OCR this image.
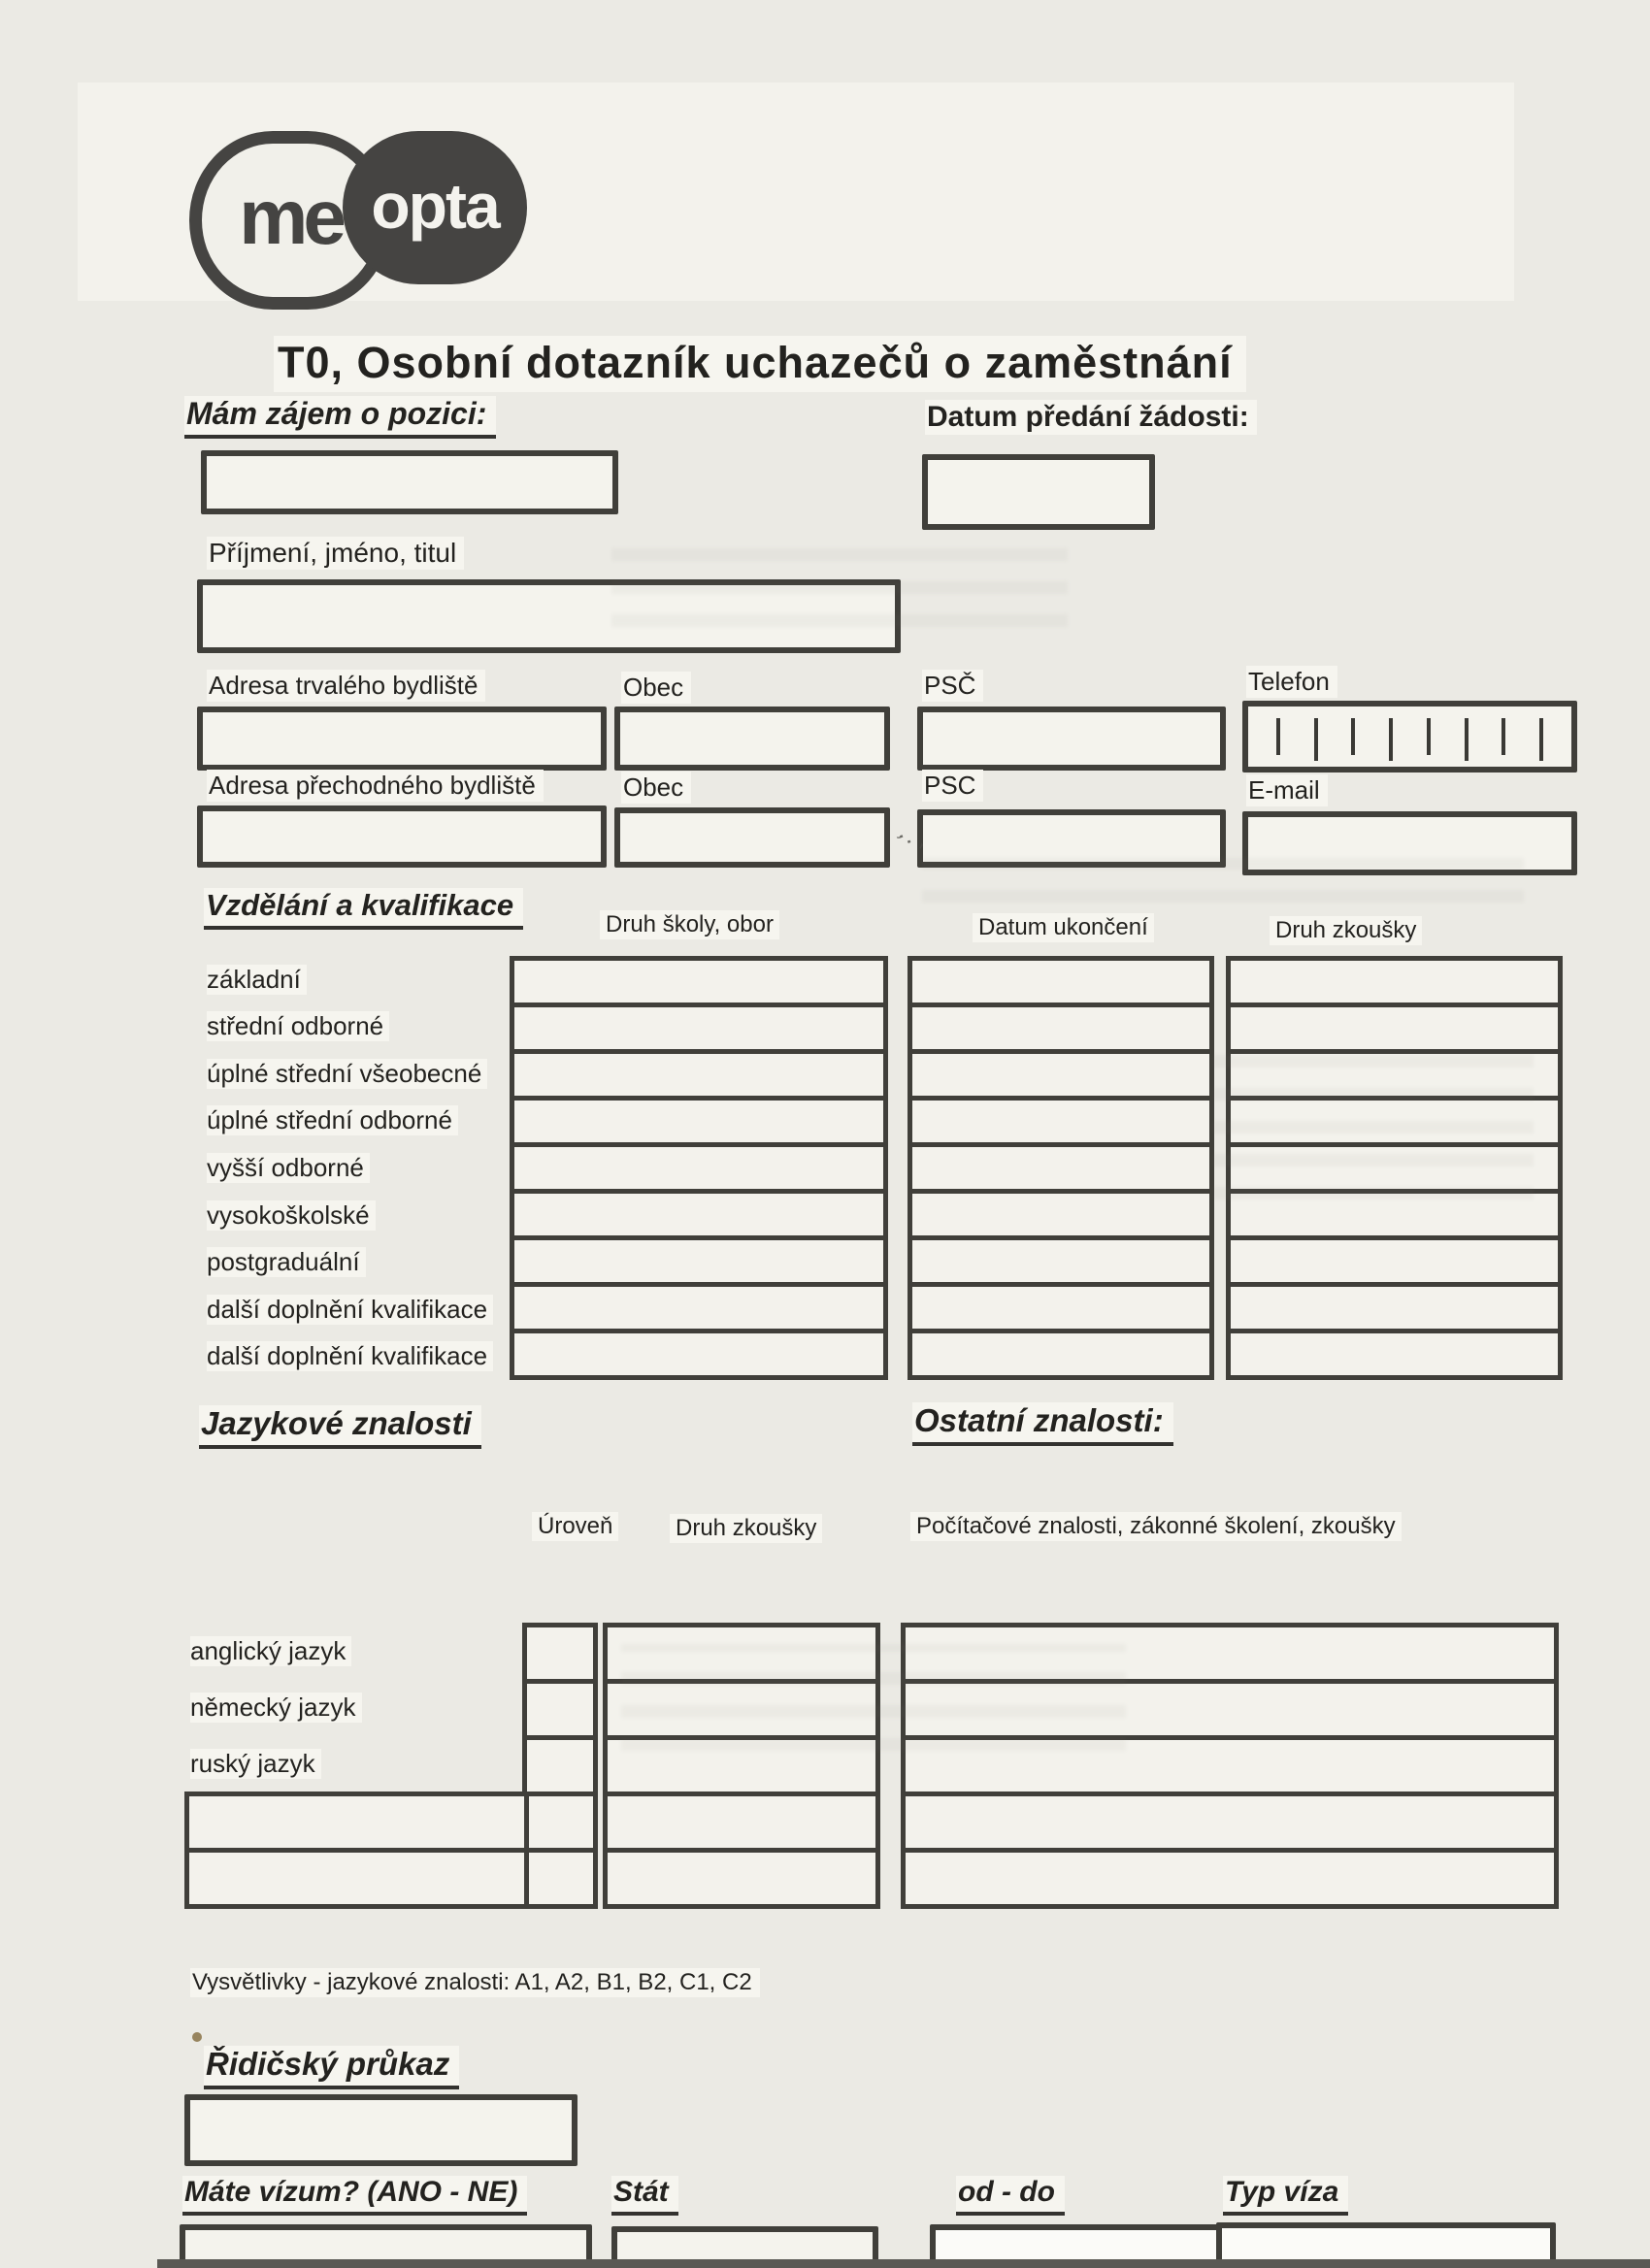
me opta
T0, Osobní dotazník uchazečů o zaměstnání
Mám zájem o pozici:	Datum předání žádosti:
Příjmení, jméno, titul
Adresa trvalého bydliště	Obec	PSČ	Telefon
Adresa přechodného bydliště	Obec	PSC	E-mail
,·`
Vzdělání a kvalifikace
Druh školy, obor	Datum ukončení	Druh zkoušky
základní
střední odborné
úplné střední všeobecné
úplné střední odborné
vyšší odborné
vysokoškolské
postgraduální
další doplnění kvalifikace
další doplnění kvalifikace
Jazykové znalosti	Ostatní znalosti:
Úroveň	Druh zkoušky	Počítačové znalosti, zákonné školení, zkoušky
anglický jazyk
německý jazyk
ruský jazyk
Vysvětlivky - jazykové znalosti: A1, A2, B1, B2, C1, C2
Řidičský průkaz
Máte vízum? (ANO - NE)	Stát	od - do	Typ víza
